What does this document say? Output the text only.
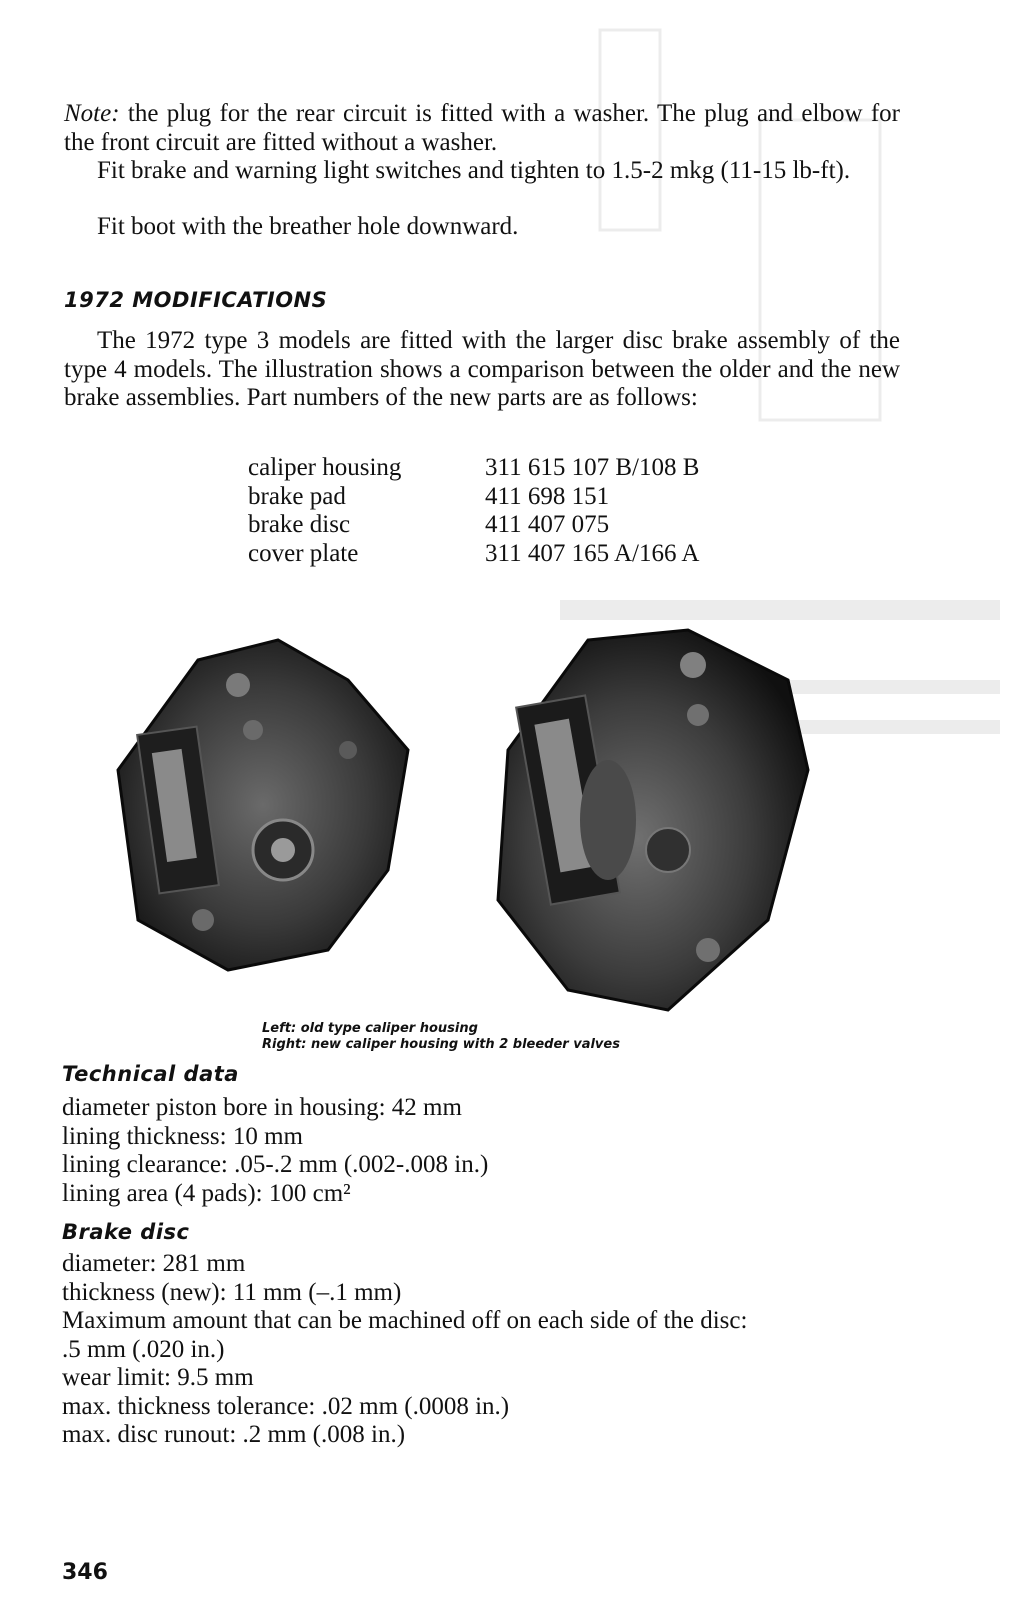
Note: the plug for the rear circuit is fitted with a washer. The plug and elbow for the front circuit are fitted without a washer.

Fit brake and warning light switches and tighten to 1.5-2 mkg (11-15 lb-ft).

Fit boot with the breather hole downward.

1972 MODIFICATIONS

The 1972 type 3 models are fitted with the larger disc brake assembly of the type 4 models. The illustration shows a comparison between the older and the new brake assemblies. Part numbers of the new parts are as follows:

caliper housing	311 615 107 B/108 B
brake pad	411 698 151
brake disc	411 407 075
cover plate	311 407 165 A/166 A
Left: old type caliper housing
Right: new caliper housing with 2 bleeder valves
Technical data
diameter piston bore in housing: 42 mm
lining thickness: 10 mm
lining clearance: .05-.2 mm (.002-.008 in.)
lining area (4 pads): 100 cm²
Brake disc
diameter: 281 mm
thickness (new): 11 mm (–.1 mm)
Maximum amount that can be machined off on each side of the disc:
.5 mm (.020 in.)
wear limit: 9.5 mm
max. thickness tolerance: .02 mm (.0008 in.)
max. disc runout: .2 mm (.008 in.)
346
